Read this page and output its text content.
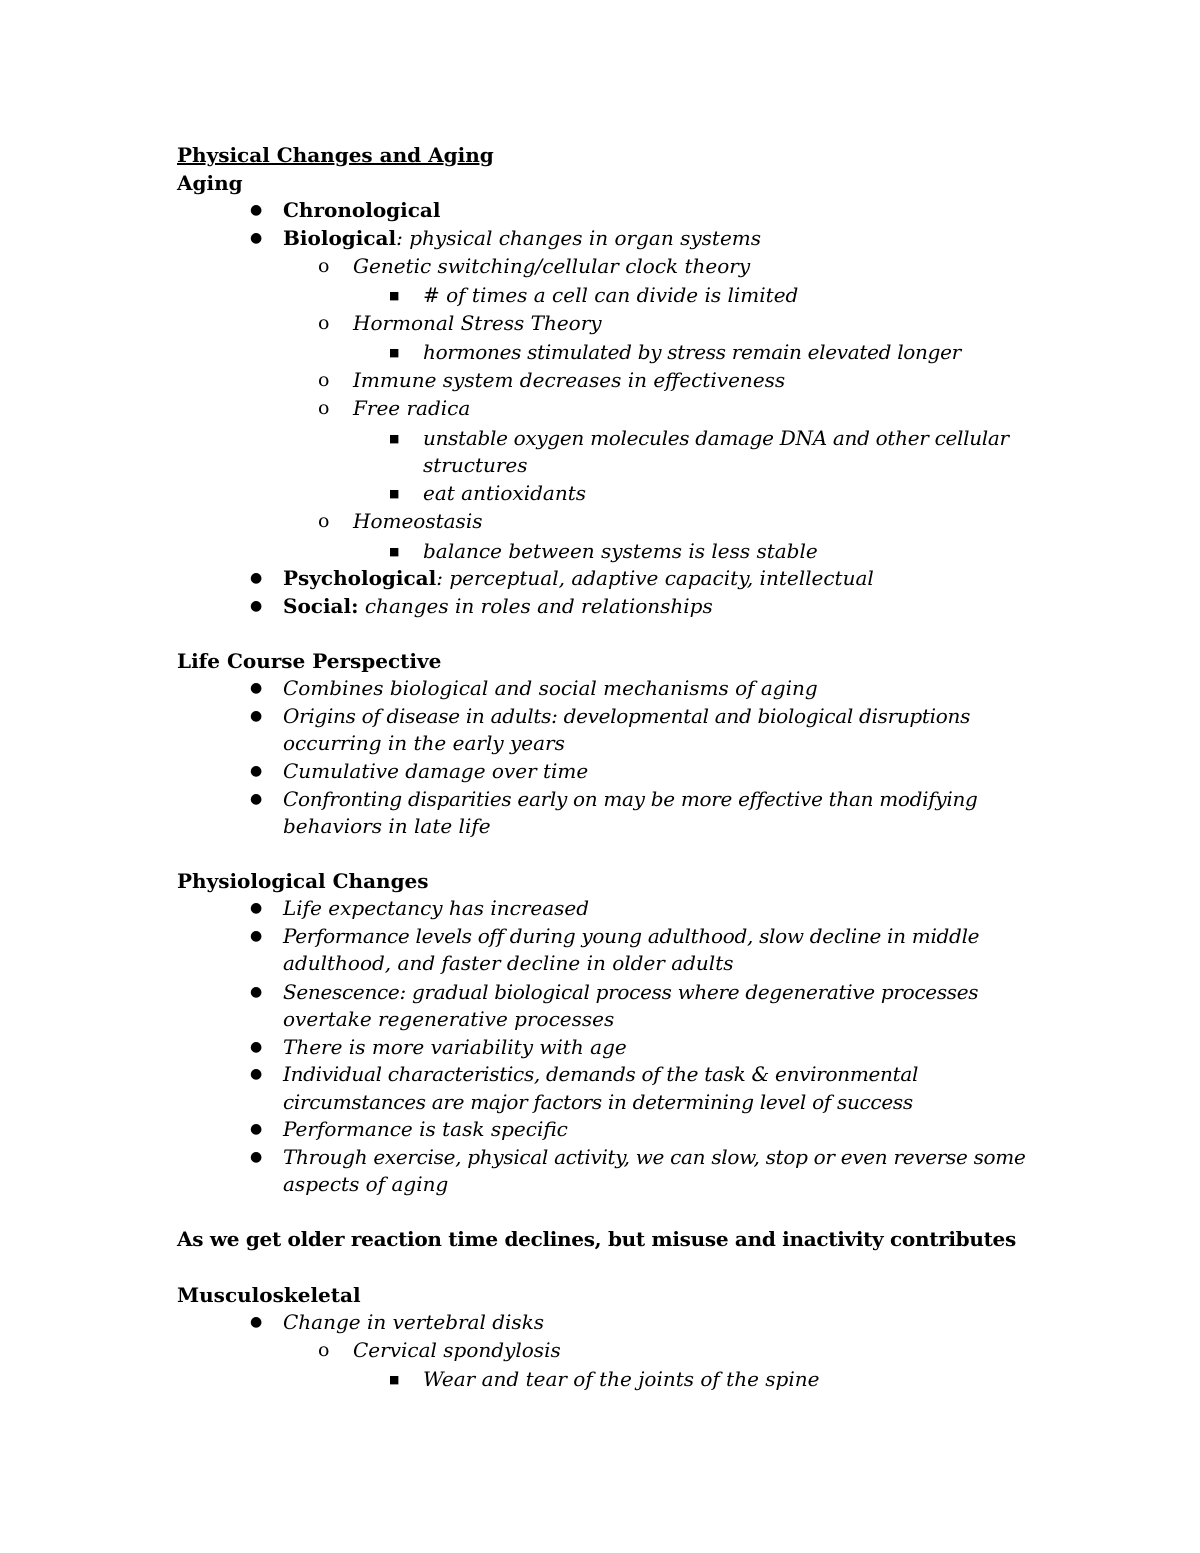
Physical Changes and Aging
Aging
● Chronological
● Biological: physical changes in organ systems
o Genetic switching/cellular clock theory
■ # of times a cell can divide is limited
o Hormonal Stress Theory
■ hormones stimulated by stress remain elevated longer
o Immune system decreases in effectiveness
o Free radica
■ unstable oxygen molecules damage DNA and other cellular
structures
■ eat antioxidants
o Homeostasis
■ balance between systems is less stable
● Psychological: perceptual, adaptive capacity, intellectual
● Social: changes in roles and relationships
Life Course Perspective
● Combines biological and social mechanisms of aging
● Origins of disease in adults: developmental and biological disruptions
occurring in the early years
● Cumulative damage over time
● Confronting disparities early on may be more effective than modifying
behaviors in late life
Physiological Changes
● Life expectancy has increased
● Performance levels off during young adulthood, slow decline in middle
adulthood, and faster decline in older adults
● Senescence: gradual biological process where degenerative processes
overtake regenerative processes
● There is more variability with age
● Individual characteristics, demands of the task & environmental
circumstances are major factors in determining level of success
● Performance is task specific
● Through exercise, physical activity, we can slow, stop or even reverse some
aspects of aging
As we get older reaction time declines, but misuse and inactivity contributes
Musculoskeletal
● Change in vertebral disks
o Cervical spondylosis
■ Wear and tear of the joints of the spine
